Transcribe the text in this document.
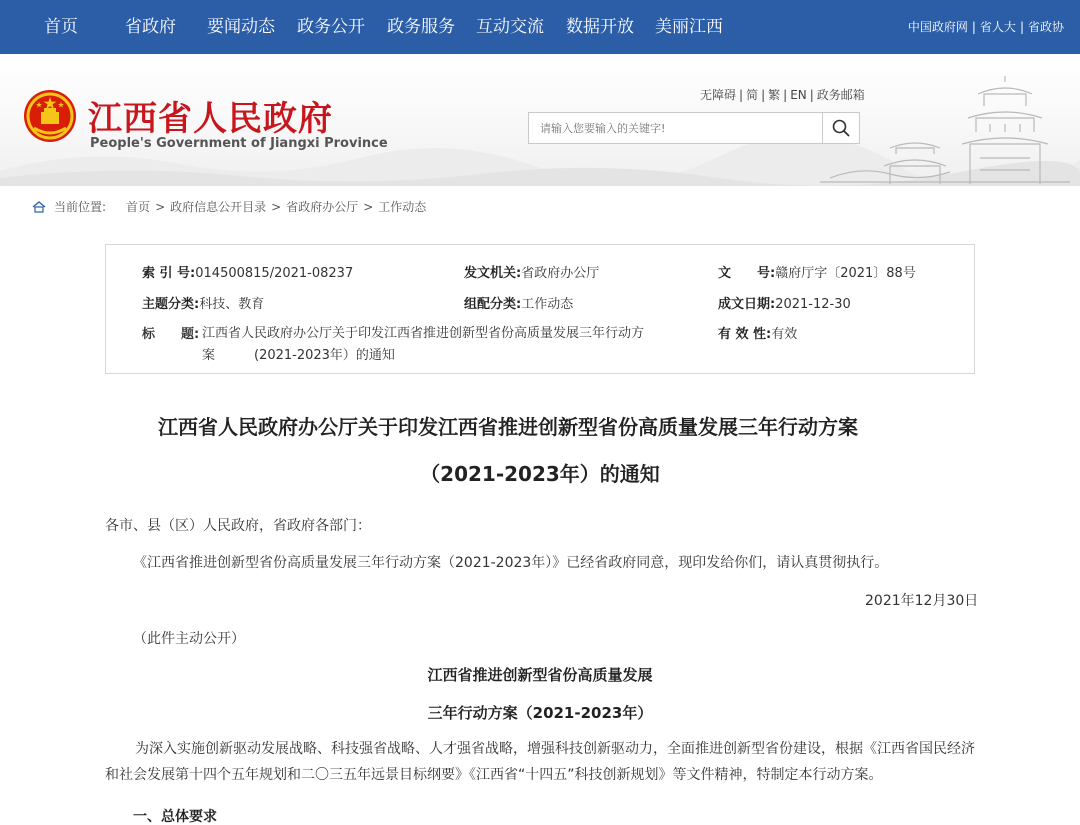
首页	省政府 要闻动态 政务公开 政务服务 互动交流 数据开放 美丽江西	中国政府网 | 省人大 | 省政协
江西省人民政府
People's Government of Jiangxi Province
无障碍 | 简 | 繁 | EN | 政务邮箱
请输入您要输入的关键字!
当前位置: 首页 > 政府信息公开目录 > 省政府办公厅 > 工作动态
索 引 号:014500815/2021-08237	发文机关:省政府办公厅	文　　号:赣府厅字〔2021〕88号
主题分类:科技、教育	组配分类:工作动态	成文日期:2021-12-30
标　　题: 江西省人民政府办公厅关于印发江西省推进创新型省份高质量发展三年行动方
案　　　(2021-2023年）的通知
有 效 性:有效
江西省人民政府办公厅关于印发江西省推进创新型省份高质量发展三年行动方案
（2021-2023年）的通知
各市、县（区）人民政府，省政府各部门：
《江西省推进创新型省份高质量发展三年行动方案（2021-2023年）》已经省政府同意，现印发给你们，请认真贯彻执行。
2021年12月30日
（此件主动公开）
江西省推进创新型省份高质量发展
三年行动方案（2021-2023年）
为深入实施创新驱动发展战略、科技强省战略、人才强省战略，增强科技创新驱动力，全面推进创新型省份建设，根据《江西省国民经济和社会发展第十四个五年规划和二〇三五年远景目标纲要》《江西省“十四五”科技创新规划》等文件精神，特制定本行动方案。
一、总体要求
